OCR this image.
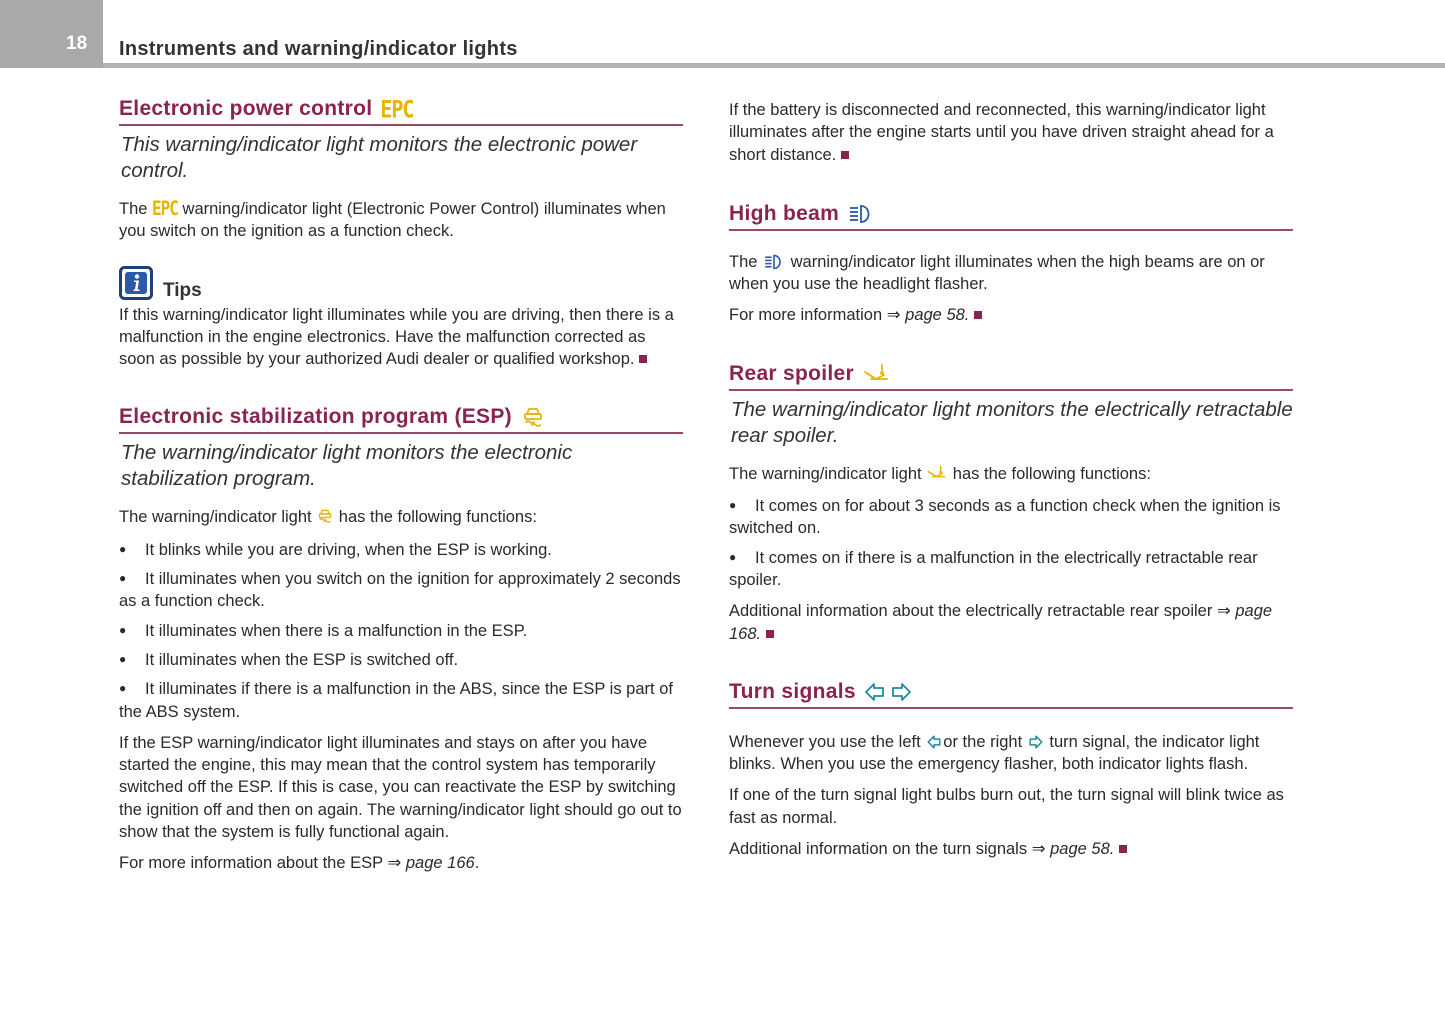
18 Instruments and warning/indicator lights
Electronic power control EPC
This warning/indicator light monitors the electronic power control.

The EPC warning/indicator light (Electronic Power Control) illuminates when you switch on the ignition as a function check.

Tips

If this warning/indicator light illuminates while you are driving, then there is a malfunction in the engine electronics. Have the malfunction corrected as soon as possible by your authorized Audi dealer or qualified workshop.

Electronic stabilization program (ESP)
The warning/indicator light monitors the electronic stabilization program.

The warning/indicator light has the following functions:

● It blinks while you are driving, when the ESP is working.

● It illuminates when you switch on the ignition for approximately 2 seconds as a function check.

● It illuminates when there is a malfunction in the ESP.

● It illuminates when the ESP is switched off.

● It illuminates if there is a malfunction in the ABS, since the ESP is part of the ABS system.

If the ESP warning/indicator light illuminates and stays on after you have started the engine, this may mean that the control system has temporarily switched off the ESP. If this is case, you can reactivate the ESP by switching the ignition off and then on again. The warning/indicator light should go out to show that the system is fully functional again.

For more information about the ESP ⇒ page 166.

If the battery is disconnected and reconnected, this warning/indicator light illuminates after the engine starts until you have driven straight ahead for a short distance.

High beam

The warning/indicator light illuminates when the high beams are on or when you use the headlight flasher.

For more information ⇒ page 58.

Rear spoiler
The warning/indicator light monitors the electrically retractable rear spoiler.

The warning/indicator light has the following functions:

● It comes on for about 3 seconds as a function check when the ignition is switched on.

● It comes on if there is a malfunction in the electrically retractable rear spoiler.

Additional information about the electrically retractable rear spoiler ⇒ page 168.

Turn signals

Whenever you use the left or the right turn signal, the indicator light blinks. When you use the emergency flasher, both indicator lights flash.

If one of the turn signal light bulbs burn out, the turn signal will blink twice as fast as normal.

Additional information on the turn signals ⇒ page 58.
